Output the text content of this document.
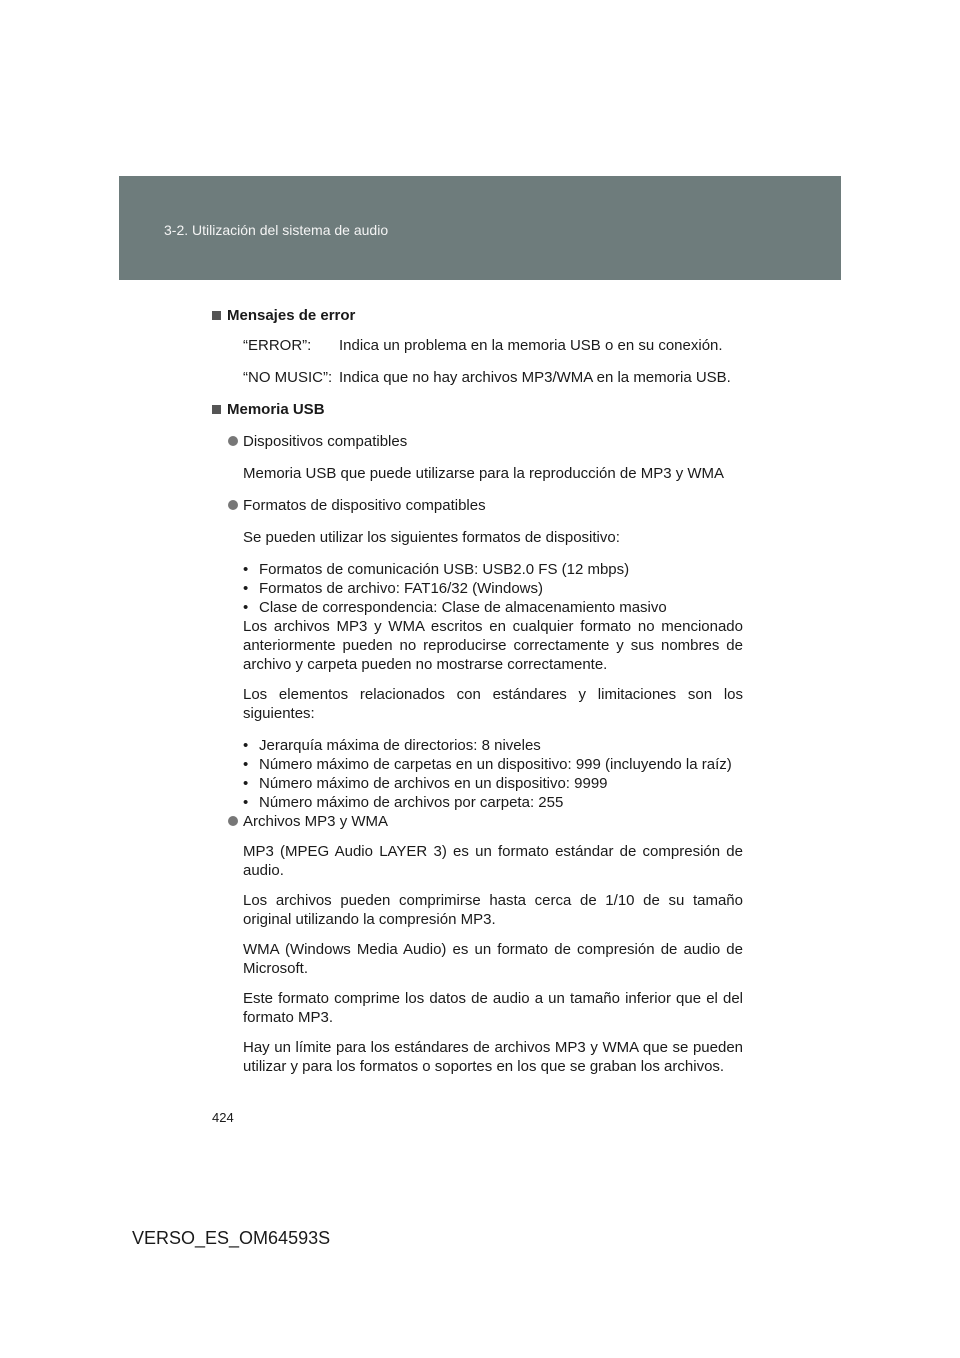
3-2. Utilización del sistema de audio

Mensajes de error

“ERROR”:	Indica un problema en la memoria USB o en su conexión.
“NO MUSIC”: Indica que no hay archivos MP3/WMA en la memoria USB.

Memoria USB

Dispositivos compatibles

Memoria USB que puede utilizarse para la reproducción de MP3 y WMA

Formatos de dispositivo compatibles

Se pueden utilizar los siguientes formatos de dispositivo:

• Formatos de comunicación USB: USB2.0 FS (12 mbps)
• Formatos de archivo: FAT16/32 (Windows)
• Clase de correspondencia: Clase de almacenamiento masivo

Los archivos MP3 y WMA escritos en cualquier formato no mencionado anteriormente pueden no reproducirse correctamente y sus nombres de archivo y carpeta pueden no mostrarse correctamente.

Los elementos relacionados con estándares y limitaciones son los siguientes:

• Jerarquía máxima de directorios: 8 niveles
• Número máximo de carpetas en un dispositivo: 999 (incluyendo la raíz)
• Número máximo de archivos en un dispositivo: 9999
• Número máximo de archivos por carpeta: 255

Archivos MP3 y WMA

MP3 (MPEG Audio LAYER 3) es un formato estándar de compresión de audio.

Los archivos pueden comprimirse hasta cerca de 1/10 de su tamaño original utilizando la compresión MP3.

WMA (Windows Media Audio) es un formato de compresión de audio de Microsoft.

Este formato comprime los datos de audio a un tamaño inferior que el del formato MP3.

Hay un límite para los estándares de archivos MP3 y WMA que se pueden utilizar y para los formatos o soportes en los que se graban los archivos.

424
VERSO_ES_OM64593S
